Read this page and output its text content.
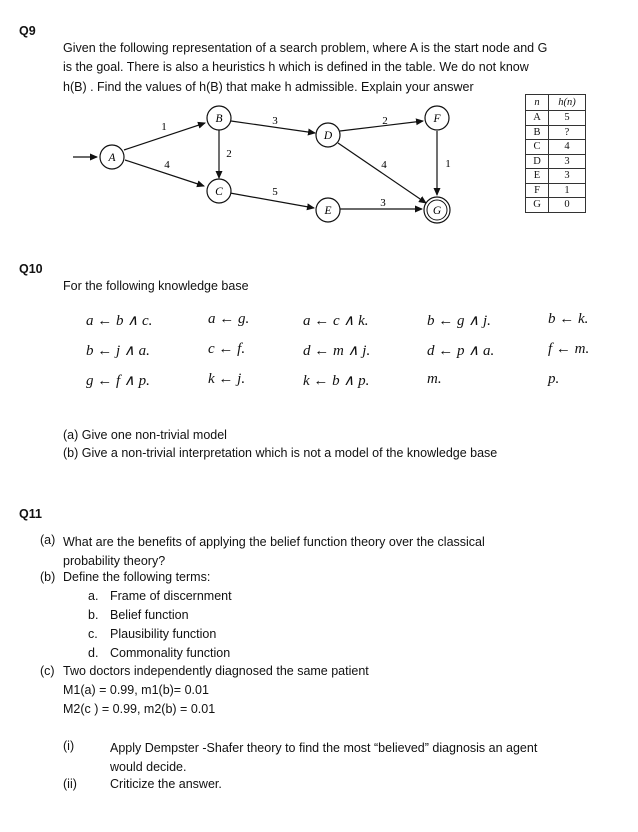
Q9
Given the following representation of a search problem, where A is the start node and G
is the goal. There is also a heuristics h which is defined in the table. We do not know
h(B) . Find the values of h(B) that make h admissible. Explain your answer
1
4
2
3	2
4
5
3
1
A
B
C
D
E
F
G
n	h(n)
A	5
B	?
C	4
D	3
E	3
F	1
G	0
Q10
For the following knowledge base
a ← b ∧ c.	a ← g.	a ← c ∧ k.	b ← g ∧ j.	b ← k.
b ← j ∧ a.	c ← f.	d ← m ∧ j.	d ← p ∧ a.	f ← m.
g ← f ∧ p.	k ← j.	k ← b ∧ p.	m.	p.
(a) Give one non-trivial model
(b) Give a non-trivial interpretation which is not a model of the knowledge base
Q11
(a) What are the benefits of applying the belief function theory over the classical
probability theory?
(b) Define the following terms:
a. Frame of discernment
b. Belief function
c. Plausibility function
d. Commonality function
(c) Two doctors independently diagnosed the same patient
M1(a) = 0.99, m1(b)= 0.01
M2(c ) = 0.99, m2(b) = 0.01
(i)	Apply Dempster -Shafer theory to find the most “believed” diagnosis an agent
would decide.
(ii)	Criticize the answer.
